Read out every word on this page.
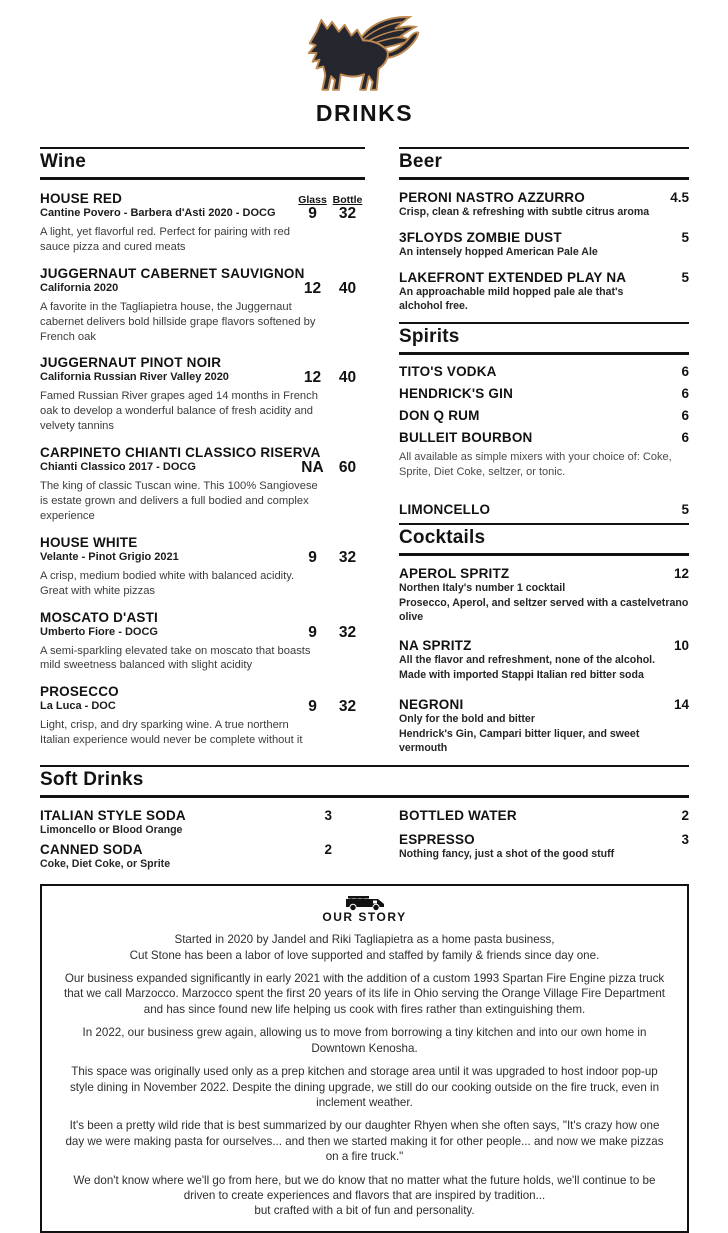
DRINKS
Wine
HOUSE RED	Glass Bottle
Cantine Povero - Barbera d'Asti 2020 - DOCG	9	32
A light, yet flavorful red. Perfect for pairing with red sauce pizza and cured meats
JUGGERNAUT CABERNET SAUVIGNON
California 2020	12	40
A favorite in the Tagliapietra house, the Juggernaut cabernet delivers bold hillside grape flavors softened by French oak
JUGGERNAUT PINOT NOIR
California Russian River Valley 2020	12	40
Famed Russian River grapes aged 14 months in French oak to develop a wonderful balance of fresh acidity and velvety tannins
CARPINETO CHIANTI CLASSICO RISERVA
Chianti Classico 2017 - DOCG	NA 60
The king of classic Tuscan wine. This 100% Sangiovese is estate grown and delivers a full bodied and complex experience
HOUSE WHITE
Velante - Pinot Grigio 2021	9	32
A crisp, medium bodied white with balanced acidity. Great with white pizzas
MOSCATO D'ASTI
Umberto Fiore - DOCG	9	32
A semi-sparkling elevated take on moscato that boasts mild sweetness balanced with slight acidity
PROSECCO
La Luca - DOC	9	32
Light, crisp, and dry sparking wine. A true northern Italian experience would never be complete without it
Beer
PERONI NASTRO AZZURRO	4.5
Crisp, clean & refreshing with subtle citrus aroma
3FLOYDS ZOMBIE DUST	5
An intensely hopped American Pale Ale
LAKEFRONT EXTENDED PLAY NA	5
An approachable mild hopped pale ale that's alchohol free.
Spirits
TITO'S VODKA	6
HENDRICK'S GIN	6
DON Q RUM	6
BULLEIT BOURBON	6
All available as simple mixers with your choice of: Coke, Sprite, Diet Coke, seltzer, or tonic.
LIMONCELLO	5
Cocktails
APEROL SPRITZ	12
Northen Italy's number 1 cocktail
Prosecco, Aperol, and seltzer served with a castelvetrano olive
NA SPRITZ	10
All the flavor and refreshment, none of the alcohol.
Made with imported Stappi Italian red bitter soda
NEGRONI	14
Only for the bold and bitter
Hendrick's Gin, Campari bitter liquer, and sweet vermouth
Soft Drinks
ITALIAN STYLE SODA	3
Limoncello or Blood Orange
CANNED SODA	2
Coke, Diet Coke, or Sprite
BOTTLED WATER	2
ESPRESSO	3
Nothing fancy, just a shot of the good stuff
OUR STORY
Started in 2020 by Jandel and Riki Tagliapietra as a home pasta business,
Cut Stone has been a labor of love supported and staffed by family & friends since day one.
Our business expanded significantly in early 2021 with the addition of a custom 1993 Spartan Fire Engine pizza truck that we call Marzocco. Marzocco spent the first 20 years of its life in Ohio serving the Orange Village Fire Department and has since found new life helping us cook with fires rather than extinguishing them.
In 2022, our business grew again, allowing us to move from borrowing a tiny kitchen and into our own home in Downtown Kenosha.
This space was originally used only as a prep kitchen and storage area until it was upgraded to host indoor pop-up style dining in November 2022. Despite the dining upgrade, we still do our cooking outside on the fire truck, even in inclement weather.
It's been a pretty wild ride that is best summarized by our daughter Rhyen when she often says, "It's crazy how one day we were making pasta for ourselves... and then we started making it for other people... and now we make pizzas on a fire truck."
We don't know where we'll go from here, but we do know that no matter what the future holds, we'll continue to be driven to create experiences and flavors that are inspired by tradition...
but crafted with a bit of fun and personality.
